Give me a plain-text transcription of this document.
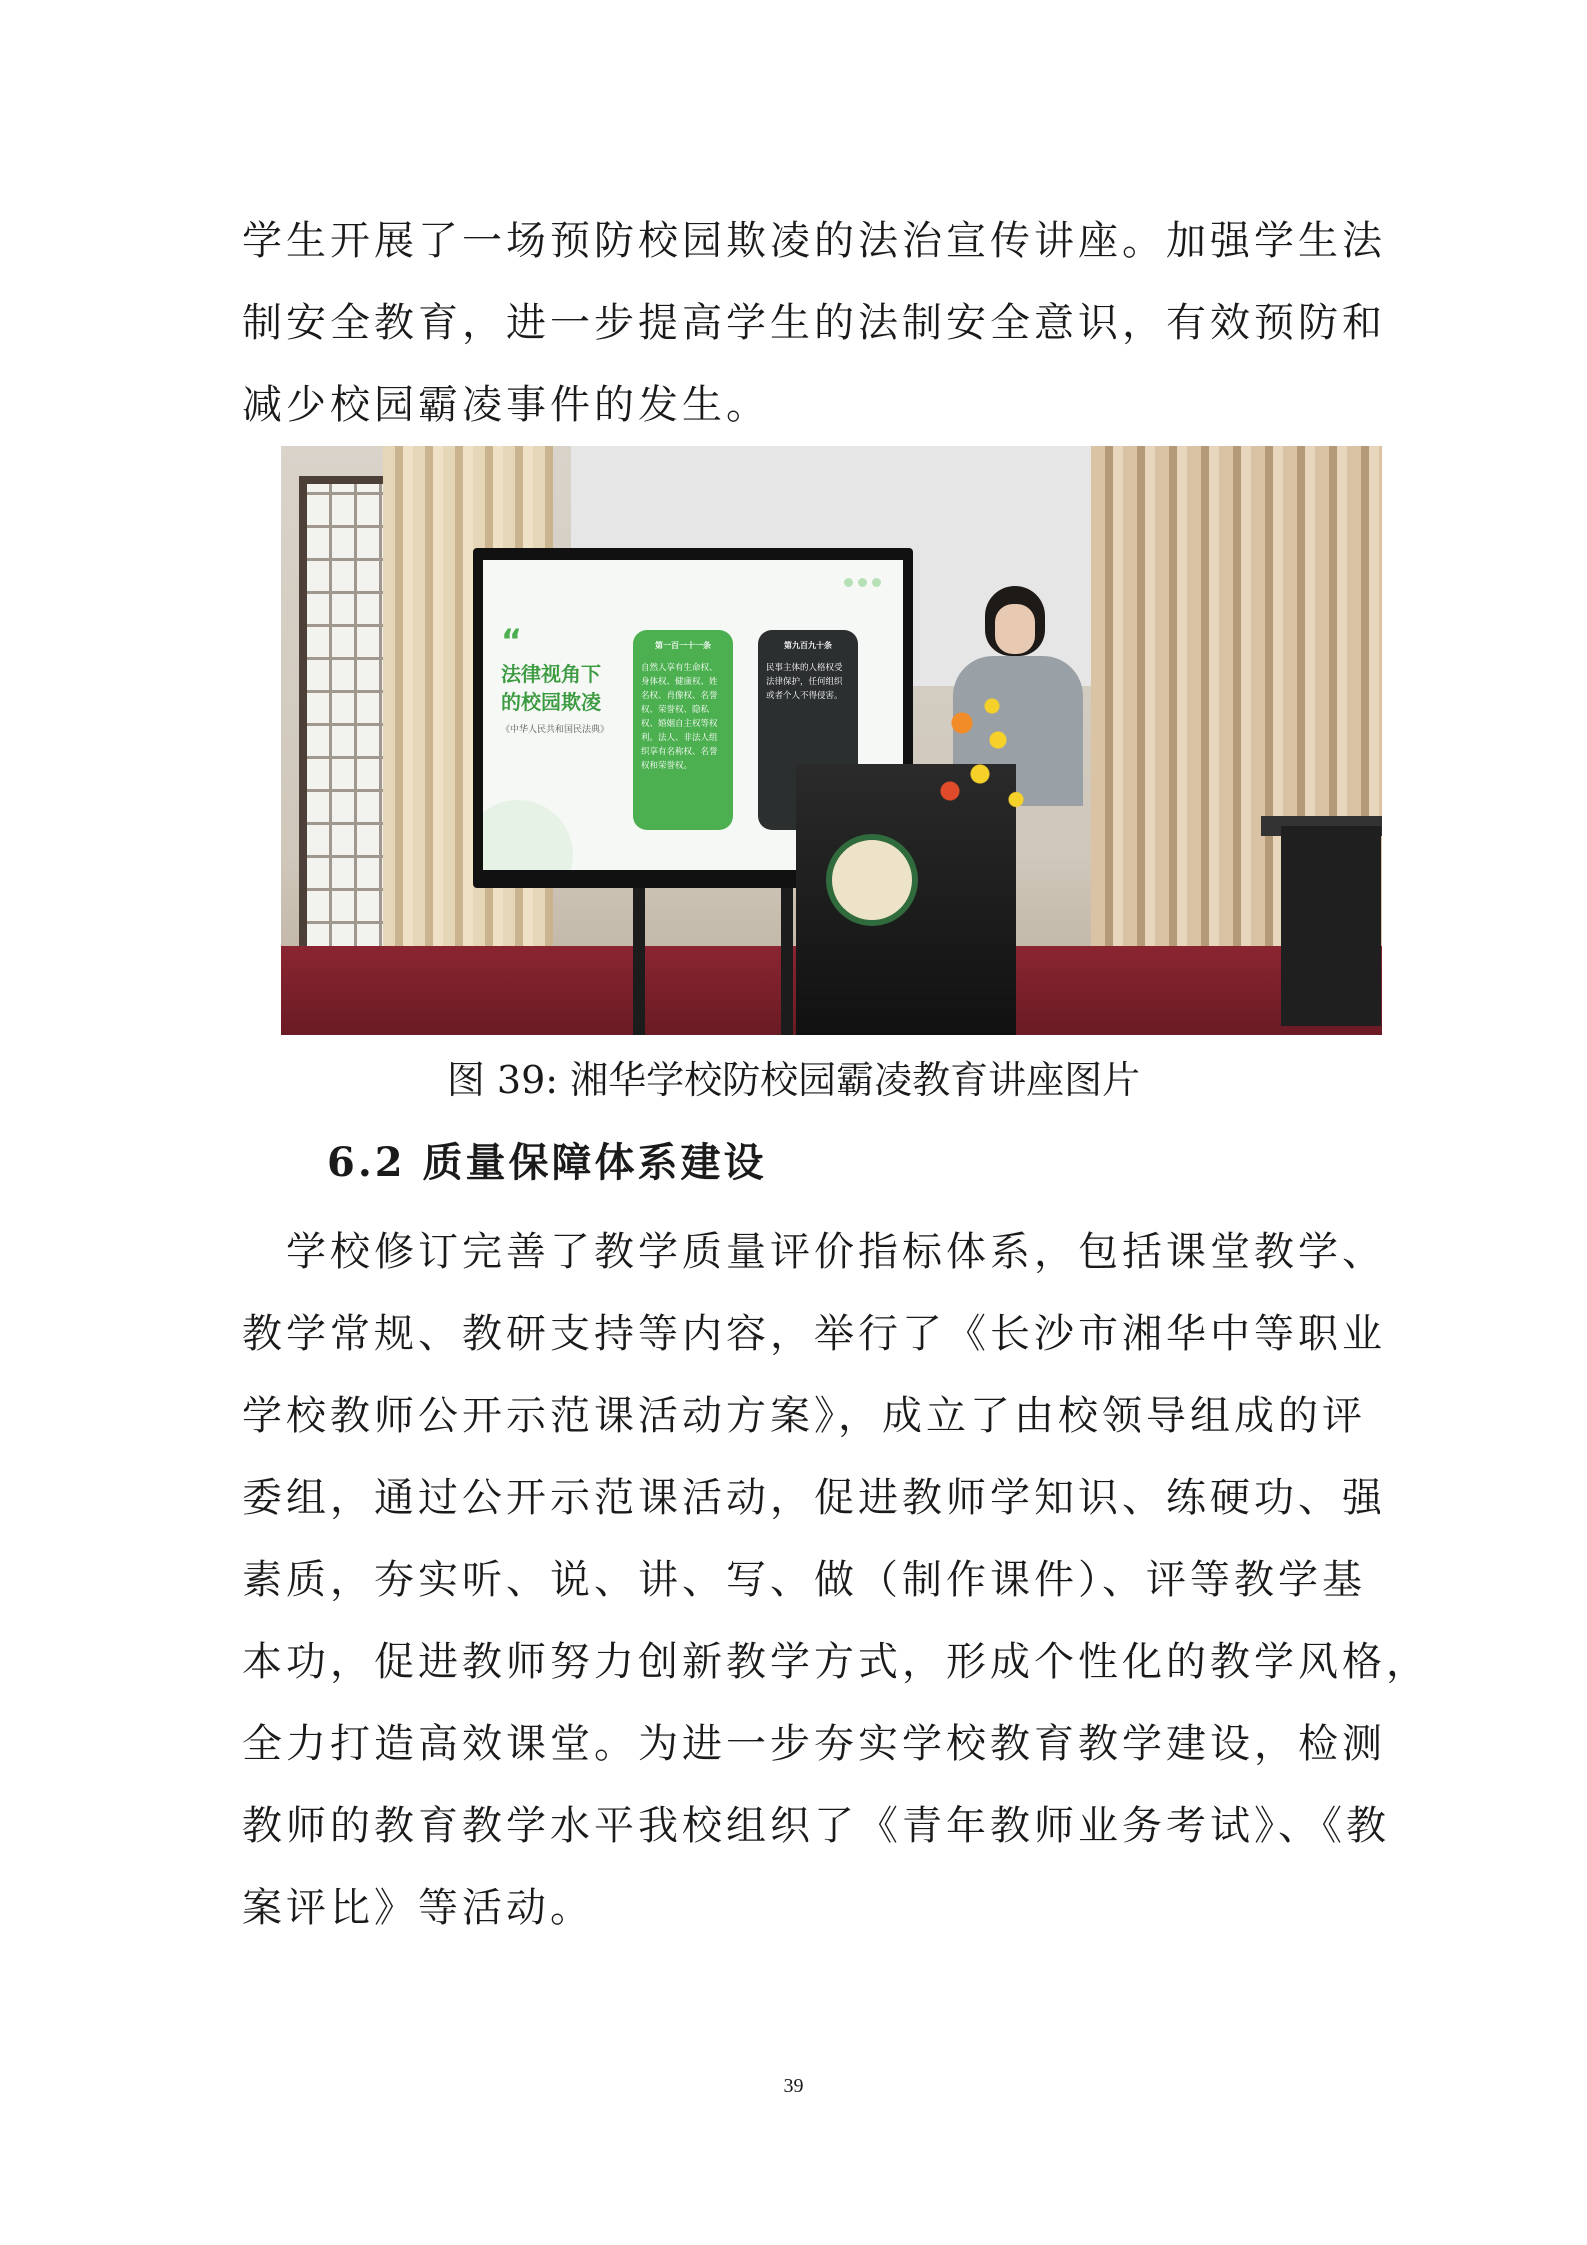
学生开展了一场预防校园欺凌的法治宣传讲座。加强学生法
制安全教育，进一步提高学生的法制安全意识，有效预防和
减少校园霸凌事件的发生。
“
法律视角下的校园欺凌
《中华人民共和国民法典》
第一百一十一条
自然人享有生命权、身体权、健康权、姓名权、肖像权、名誉权、荣誉权、隐私权、婚姻自主权等权利。法人、非法人组织享有名称权、名誉权和荣誉权。
第九百九十条
民事主体的人格权受法律保护，任何组织或者个人不得侵害。
图 39: 湘华学校防校园霸凌教育讲座图片
6.2 质量保障体系建设
　学校修订完善了教学质量评价指标体系，包括课堂教学、
教学常规、教研支持等内容，举行了《长沙市湘华中等职业
学校教师公开示范课活动方案》，成立了由校领导组成的评
委组，通过公开示范课活动，促进教师学知识、练硬功、强
素质，夯实听、说、讲、写、做（制作课件）、评等教学基
本功，促进教师努力创新教学方式，形成个性化的教学风格，
全力打造高效课堂。为进一步夯实学校教育教学建设，检测
教师的教育教学水平我校组织了《青年教师业务考试》、《教
案评比》等活动。
39
